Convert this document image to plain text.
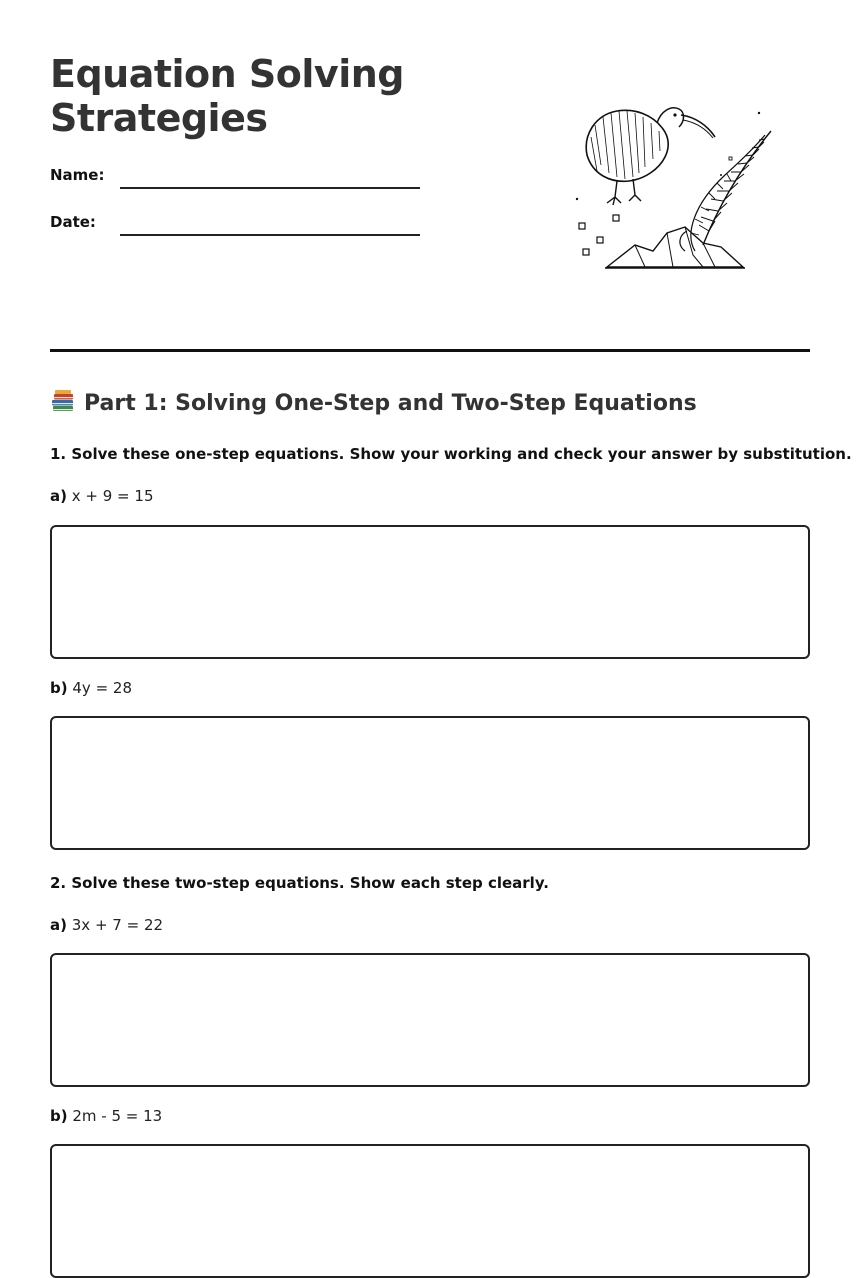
Equation Solving Strategies
Name:
Date:
Part 1: Solving One-Step and Two-Step Equations

1. Solve these one-step equations. Show your working and check your answer by substitution.

a) x + 9 = 15
b) 4y = 28

2. Solve these two-step equations. Show each step clearly.

a) 3x + 7 = 22
b) 2m - 5 = 13
